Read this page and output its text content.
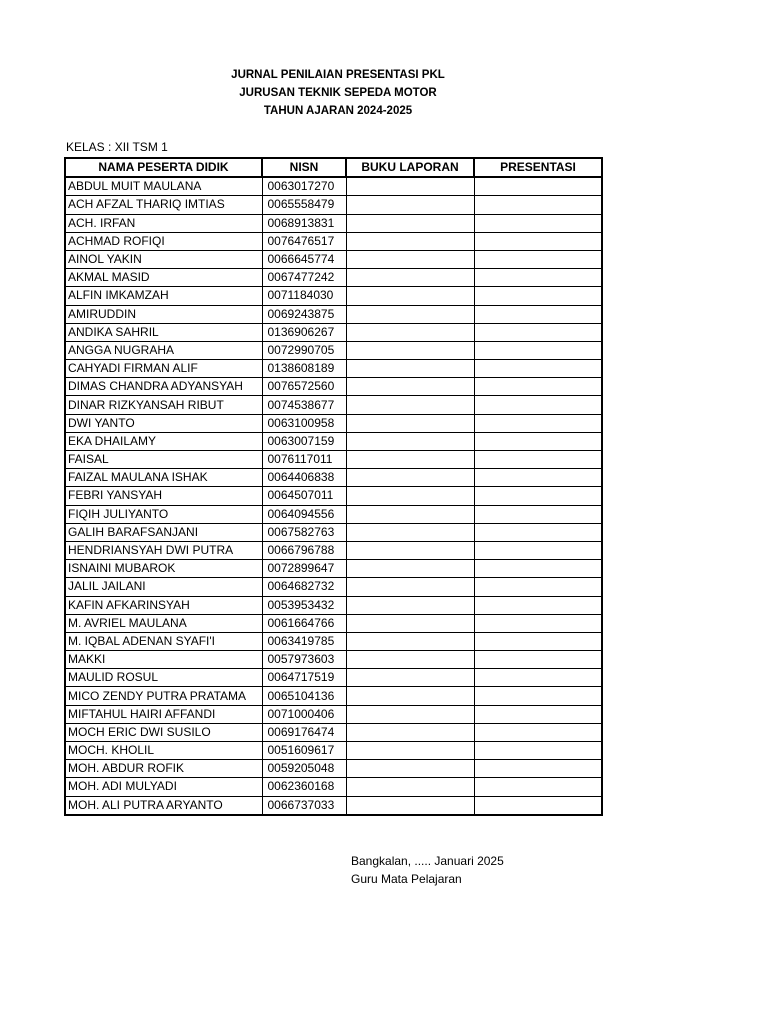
JURNAL PENILAIAN PRESENTASI PKL
JURUSAN TEKNIK SEPEDA MOTOR
TAHUN AJARAN 2024-2025
KELAS : XII TSM 1
NAMA PESERTA DIDIK	NISN	BUKU LAPORAN	PRESENTASI
ABDUL MUIT MAULANA	0063017270		
ACH AFZAL THARIQ IMTIAS	0065558479		
ACH. IRFAN	0068913831		
ACHMAD ROFIQI	0076476517		
AINOL YAKIN	0066645774		
AKMAL MASID	0067477242		
ALFIN IMKAMZAH	0071184030		
AMIRUDDIN	0069243875		
ANDIKA SAHRIL	0136906267		
ANGGA NUGRAHA	0072990705		
CAHYADI FIRMAN ALIF	0138608189		
DIMAS CHANDRA ADYANSYAH	0076572560		
DINAR RIZKYANSAH RIBUT	0074538677		
DWI YANTO	0063100958		
EKA DHAILAMY	0063007159		
FAISAL	0076117011		
FAIZAL MAULANA ISHAK	0064406838		
FEBRI YANSYAH	0064507011		
FIQIH JULIYANTO	0064094556		
GALIH BARAFSANJANI	0067582763		
HENDRIANSYAH DWI PUTRA	0066796788		
ISNAINI MUBAROK	0072899647		
JALIL JAILANI	0064682732		
KAFIN AFKARINSYAH	0053953432		
M. AVRIEL MAULANA	0061664766		
M. IQBAL ADENAN SYAFI'I	0063419785		
MAKKI	0057973603		
MAULID ROSUL	0064717519		
MICO ZENDY PUTRA PRATAMA	0065104136		
MIFTAHUL HAIRI AFFANDI	0071000406		
MOCH ERIC DWI SUSILO	0069176474		
MOCH. KHOLIL	0051609617		
MOH. ABDUR ROFIK	0059205048		
MOH. ADI MULYADI	0062360168		
MOH. ALI PUTRA ARYANTO	0066737033		
Bangkalan, ..... Januari 2025
Guru Mata Pelajaran
